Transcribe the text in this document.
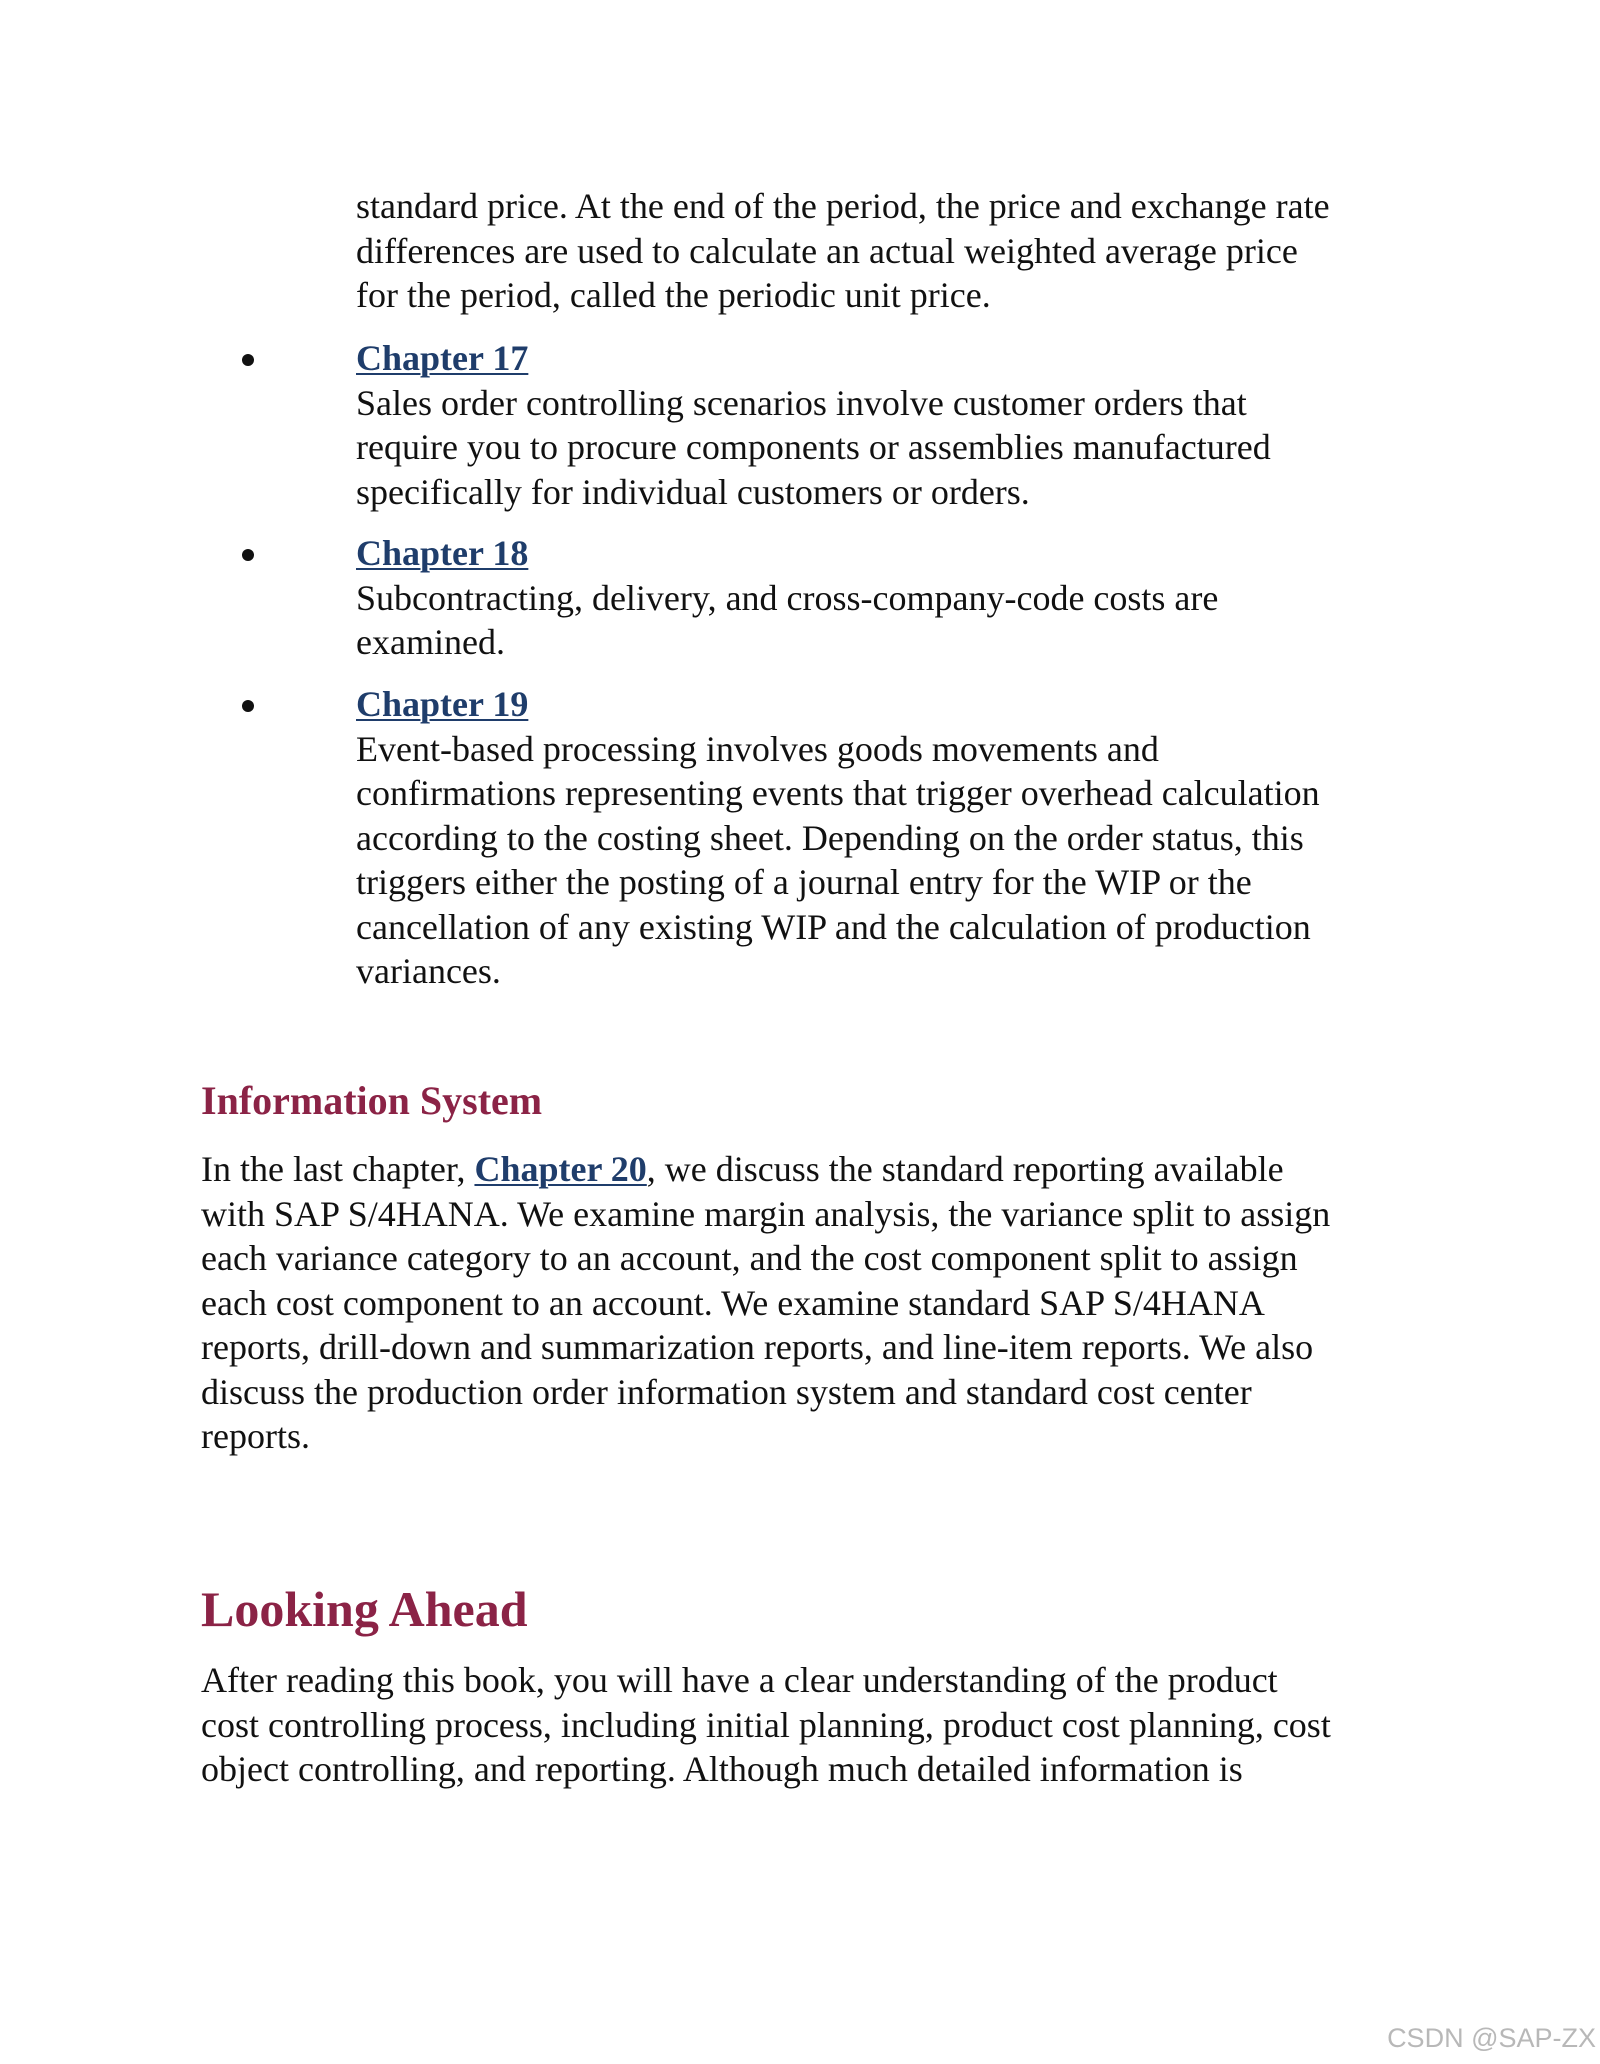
standard price. At the end of the period, the price and exchange rate
differences are used to calculate an actual weighted average price
for the period, called the periodic unit price.
Chapter 17
Sales order controlling scenarios involve customer orders that
require you to procure components or assemblies manufactured
specifically for individual customers or orders.
Chapter 18
Subcontracting, delivery, and cross-company-code costs are
examined.
Chapter 19
Event-based processing involves goods movements and
confirmations representing events that trigger overhead calculation
according to the costing sheet. Depending on the order status, this
triggers either the posting of a journal entry for the WIP or the
cancellation of any existing WIP and the calculation of production
variances.
Information System
In the last chapter, Chapter 20, we discuss the standard reporting available
with SAP S/4HANA. We examine margin analysis, the variance split to assign
each variance category to an account, and the cost component split to assign
each cost component to an account. We examine standard SAP S/4HANA
reports, drill-down and summarization reports, and line-item reports. We also
discuss the production order information system and standard cost center
reports.
Looking Ahead
After reading this book, you will have a clear understanding of the product
cost controlling process, including initial planning, product cost planning, cost
object controlling, and reporting. Although much detailed information is
CSDN @SAP-ZX
